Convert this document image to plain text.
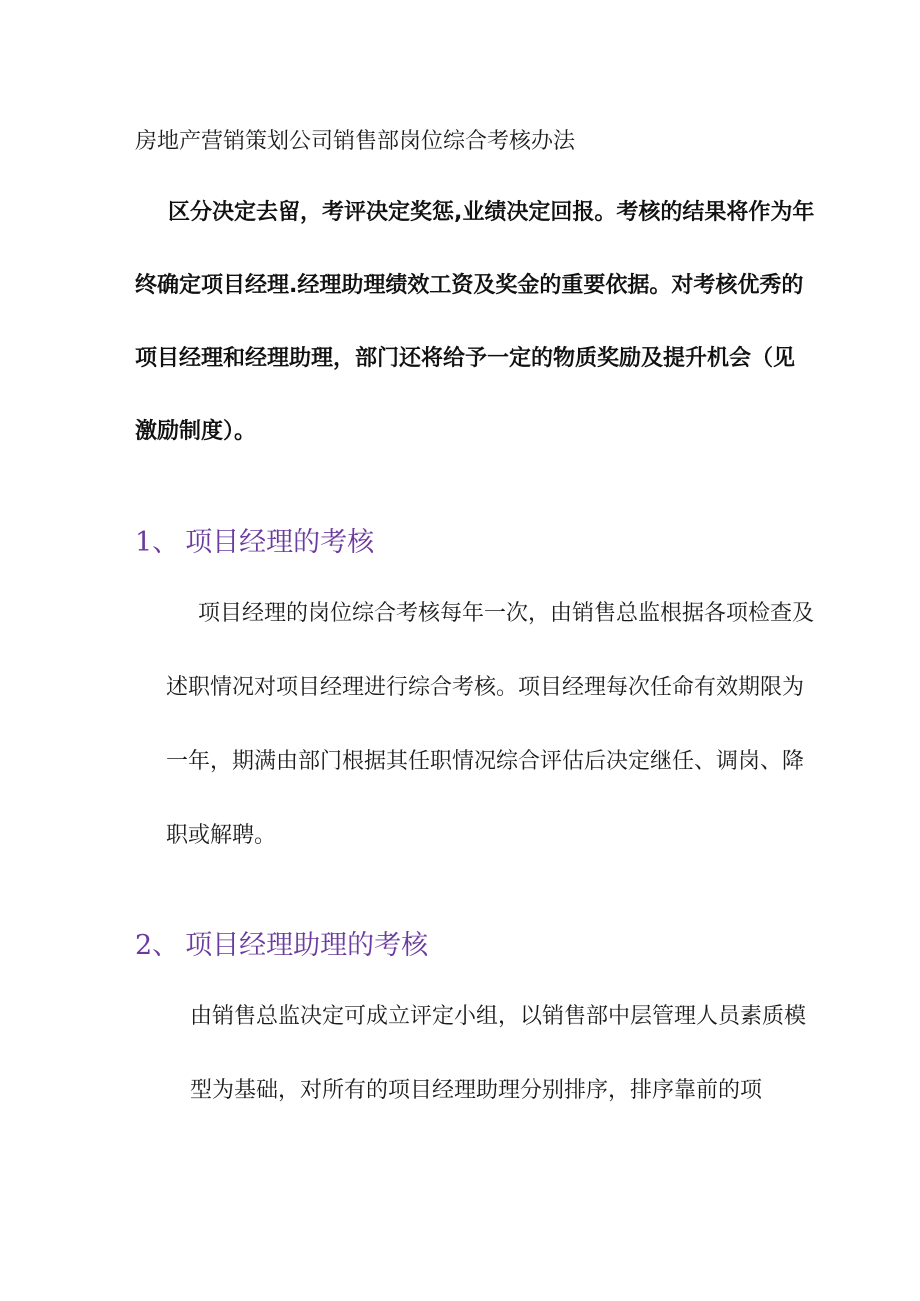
房地产营销策划公司销售部岗位综合考核办法
区分决定去留，考评决定奖惩,业绩决定回报。考核的结果将作为年
终确定项目经理.经理助理绩效工资及奖金的重要依据。对考核优秀的
项目经理和经理助理，部门还将给予一定的物质奖励及提升机会（见
激励制度）。
1、 项目经理的考核
项目经理的岗位综合考核每年一次，由销售总监根据各项检查及
述职情况对项目经理进行综合考核。项目经理每次任命有效期限为
一年，期满由部门根据其任职情况综合评估后决定继任、调岗、降
职或解聘。
2、 项目经理助理的考核
由销售总监决定可成立评定小组，以销售部中层管理人员素质模
型为基础，对所有的项目经理助理分别排序，排序靠前的项
